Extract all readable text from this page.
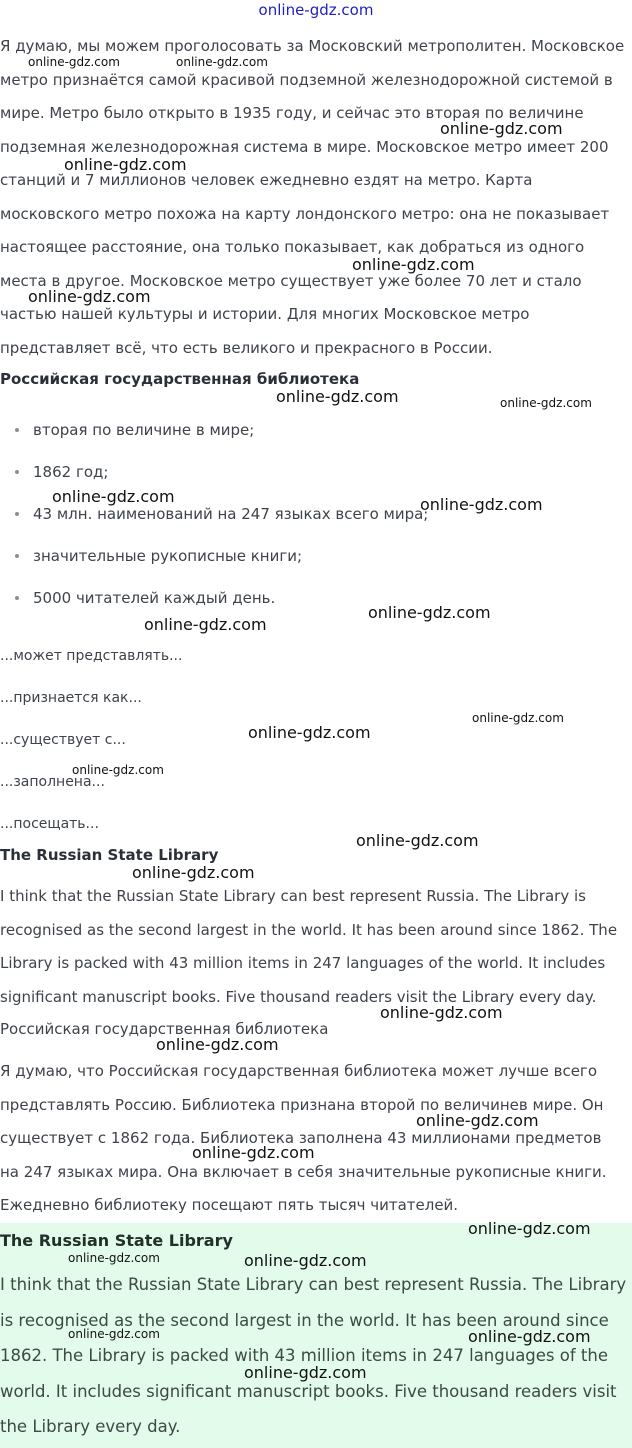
online-gdz.com

Я думаю, мы можем проголосовать за Московский метрополитен. Московское метро признаётся самой красивой подземной железнодорожной системой в мире. Метро было открыто в 1935 году, и сейчас это вторая по величине подземная железнодорожная система в мире. Московское метро имеет 200 станций и 7 миллионов человек ежедневно ездят на метро. Карта московского метро похожа на карту лондонского метро: она не показывает настоящее расстояние, она только показывает, как добраться из одного места в другое. Московское метро существует уже более 70 лет и стало частью нашей культуры и истории. Для многих Московское метро представляет всё, что есть великого и прекрасного в России.

Российская государственная библиотека
вторая по величине в мире;
1862 год;
43 млн. наименований на 247 языках всего мира;
значительные рукописные книги;
5000 читателей каждый день.
...может представлять...
...признается как...
...существует с...
...заполнена...
...посещать...
The Russian State Library

I think that the Russian State Library can best represent Russia. The Library is recognised as the second largest in the world. It has been around since 1862. The Library is packed with 43 million items in 247 languages of the world. It includes significant manuscript books. Five thousand readers visit the Library every day.

Российская государственная библиотека

Я думаю, что Российская государственная библиотека может лучше всего представлять Россию. Библиотека признана второй по величинев мире. Он существует с 1862 года. Библиотека заполнена 43 миллионами предметов на 247 языках мира. Она включает в себя значительные рукописные книги. Ежедневно библиотеку посещают пять тысяч читателей.

The Russian State Library

I think that the Russian State Library can best represent Russia. The Library is recognised as the second largest in the world. It has been around since 1862. The Library is packed with 43 million items in 247 languages of the world. It includes significant manuscript books. Five thousand readers visit the Library every day.

online-gdz.com	online-gdz.com
online-gdz.com
online-gdz.com
online-gdz.com
online-gdz.com
online-gdz.com	online-gdz.com
online-gdz.com	online-gdz.com
online-gdz.com
online-gdz.com
online-gdz.com
online-gdz.com
online-gdz.com
online-gdz.com
online-gdz.com
online-gdz.com
online-gdz.com
online-gdz.com
online-gdz.com
online-gdz.com
online-gdz.com	online-gdz.com
online-gdz.com	online-gdz.com
online-gdz.com
